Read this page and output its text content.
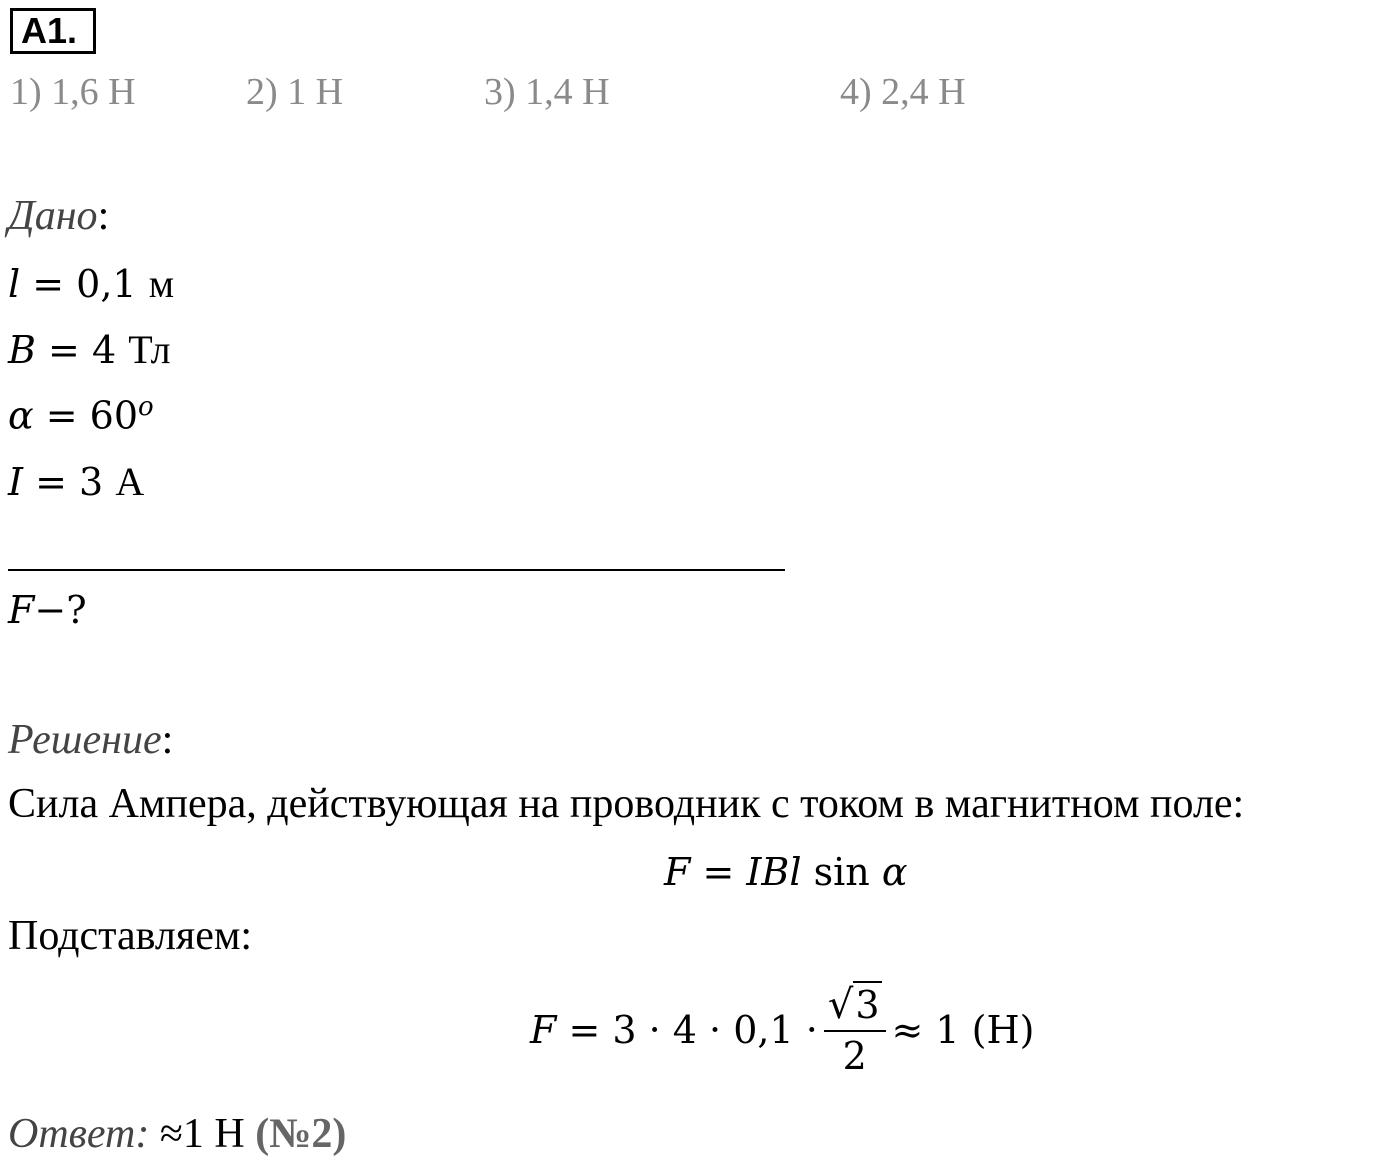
A1.
1) 1,6 Н	2) 1 Н	3) 1,4 Н	4) 2,4 Н
Дано:
l = 0,1 м
B = 4 Тл
$\alpha = 60^o$
I = 3 А
F−?
Решение:
Сила Ампера, действующая на проводник с током в магнитном поле:
F = IBl sin α
Подставляем:
F
= $3 \cdot 4 \cdot 0,1 \cdot \frac{√3}{2} \approx 1$ (Н)
Ответ: ≈1 Н (№2)
